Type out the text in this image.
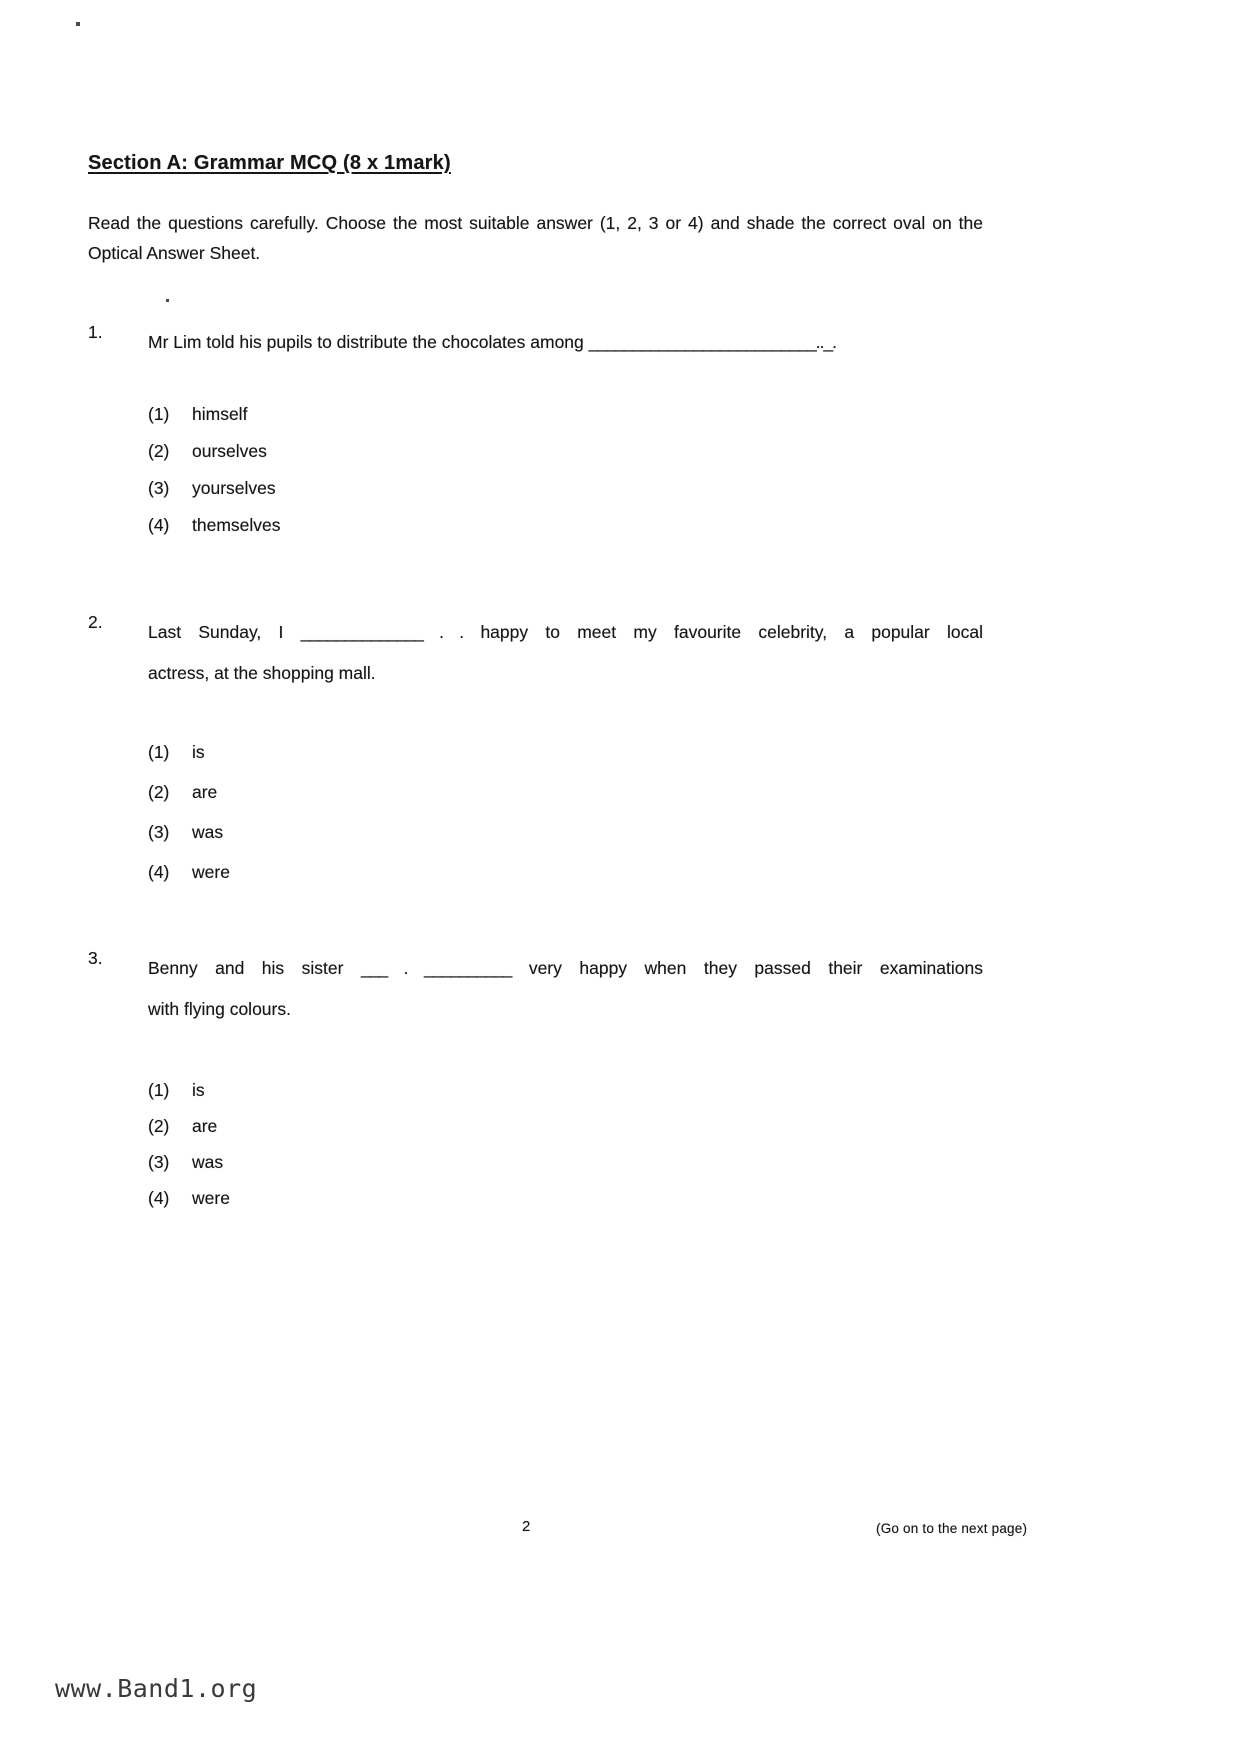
Section A: Grammar MCQ (8 x 1mark)
Read the questions carefully. Choose the most suitable answer (1, 2, 3 or 4) and shade the correct oval on the Optical Answer Sheet.
1.	Mr Lim told his pupils to distribute the chocolates among __________________________.._.
(1)	himself
(2)	ourselves
(3)	yourselves
(4)	themselves
2.	Last Sunday, I ______________ . . happy to meet my favourite celebrity, a popular local
actress, at the shopping mall.
(1)	is
(2)	are
(3)	was
(4)	were
3.	Benny and his sister ___ . __________ very happy when they passed their examinations
with flying colours.
(1)	is
(2)	are
(3)	was
(4)	were
2	(Go on to the next page)
www.Band1.org
